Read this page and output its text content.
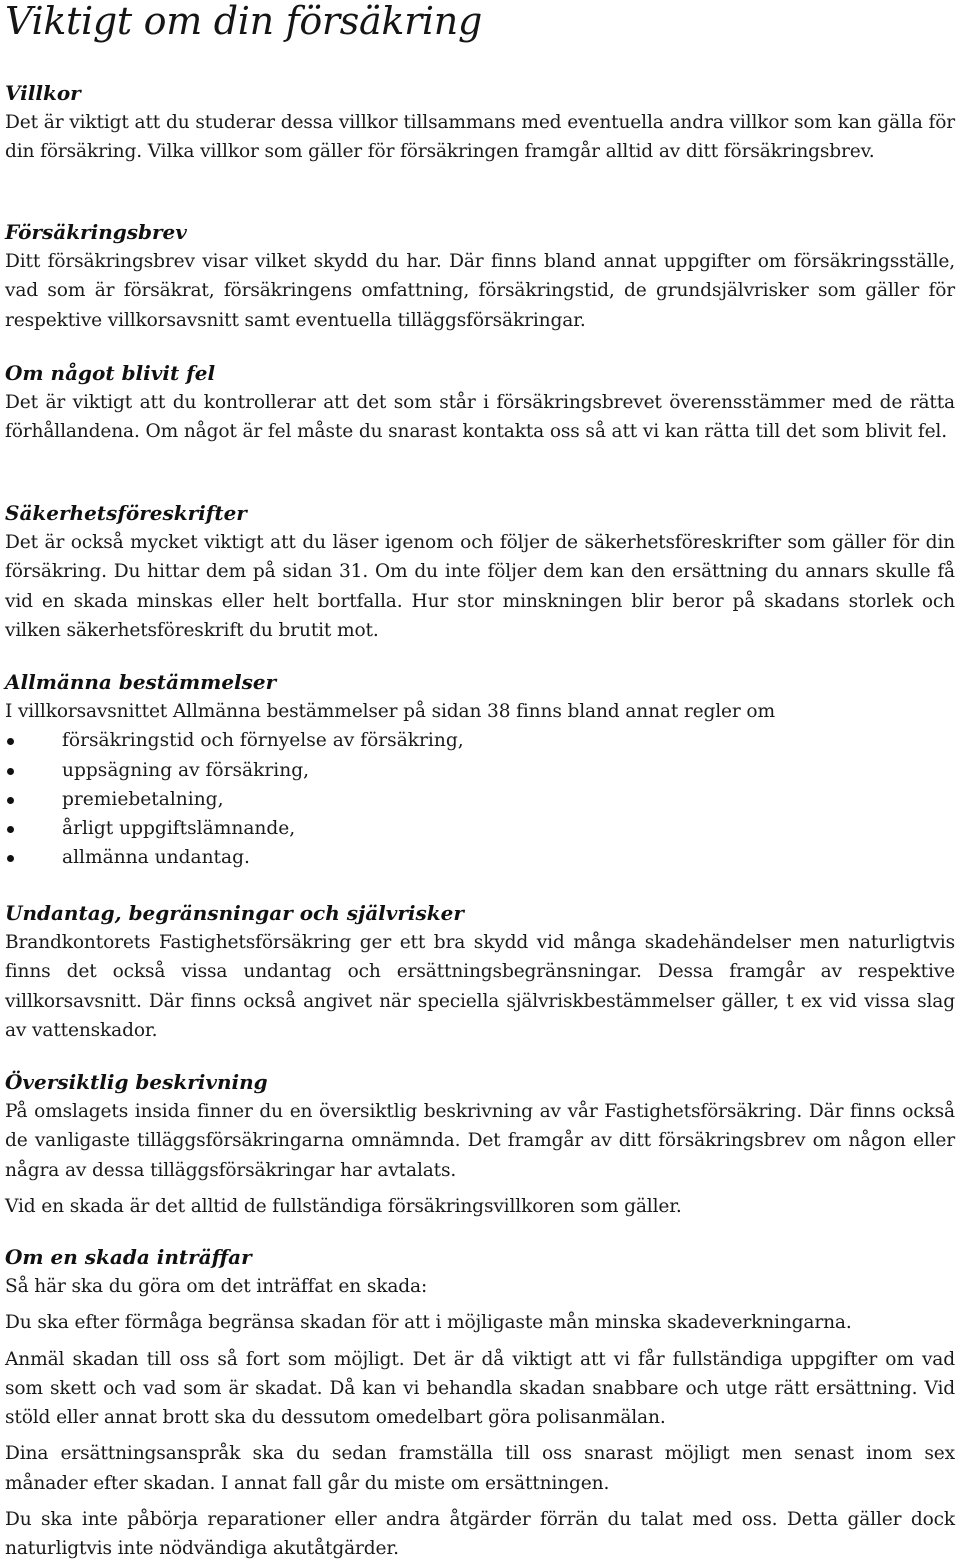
Viktigt om din försäkring
Villkor

Det är viktigt att du studerar dessa villkor tillsammans med eventuella andra villkor som kan gälla för din försäkring. Vilka villkor som gäller för försäkringen framgår alltid av ditt försäkringsbrev.

Försäkringsbrev

Ditt försäkringsbrev visar vilket skydd du har. Där finns bland annat uppgifter om försäkringsställe, vad som är försäkrat, försäkringens omfattning, försäkringstid, de grundsjälvrisker som gäller för respektive villkorsavsnitt samt eventuella tilläggsförsäkringar.

Om något blivit fel

Det är viktigt att du kontrollerar att det som står i försäkringsbrevet överensstämmer med de rätta förhållandena. Om något är fel måste du snarast kontakta oss så att vi kan rätta till det som blivit fel.

Säkerhetsföreskrifter

Det är också mycket viktigt att du läser igenom och följer de säkerhetsföreskrifter som gäller för din försäkring. Du hittar dem på sidan 31. Om du inte följer dem kan den ersättning du annars skulle få vid en skada minskas eller helt bortfalla. Hur stor minskningen blir beror på skadans storlek och vilken säkerhetsföreskrift du brutit mot.

Allmänna bestämmelser

I villkorsavsnittet Allmänna bestämmelser på sidan 38 finns bland annat regler om

försäkringstid och förnyelse av försäkring,
uppsägning av försäkring,
premiebetalning,
årligt uppgiftslämnande,
allmänna undantag.
Undantag, begränsningar och självrisker

Brandkontorets Fastighetsförsäkring ger ett bra skydd vid många skadehändelser men naturligtvis finns det också vissa undantag och ersättningsbegränsningar. Dessa framgår av respektive villkorsavsnitt. Där finns också angivet när speciella självriskbestämmelser gäller, t ex vid vissa slag av vattenskador.

Översiktlig beskrivning

På omslagets insida finner du en översiktlig beskrivning av vår Fastighetsförsäkring. Där finns också de vanligaste tilläggsförsäkringarna omnämnda. Det framgår av ditt försäkringsbrev om någon eller några av dessa tilläggsförsäkringar har avtalats.

Vid en skada är det alltid de fullständiga försäkringsvillkoren som gäller.

Om en skada inträffar

Så här ska du göra om det inträffat en skada:

Du ska efter förmåga begränsa skadan för att i möjligaste mån minska skadeverkningarna.

Anmäl skadan till oss så fort som möjligt. Det är då viktigt att vi får fullständiga uppgifter om vad som skett och vad som är skadat. Då kan vi behandla skadan snabbare och utge rätt ersättning. Vid stöld eller annat brott ska du dessutom omedelbart göra polisanmälan.

Dina ersättningsanspråk ska du sedan framställa till oss snarast möjligt men senast inom sex månader efter skadan. I annat fall går du miste om ersättningen.

Du ska inte påbörja reparationer eller andra åtgärder förrän du talat med oss. Detta gäller dock naturligtvis inte nödvändiga akutåtgärder.
